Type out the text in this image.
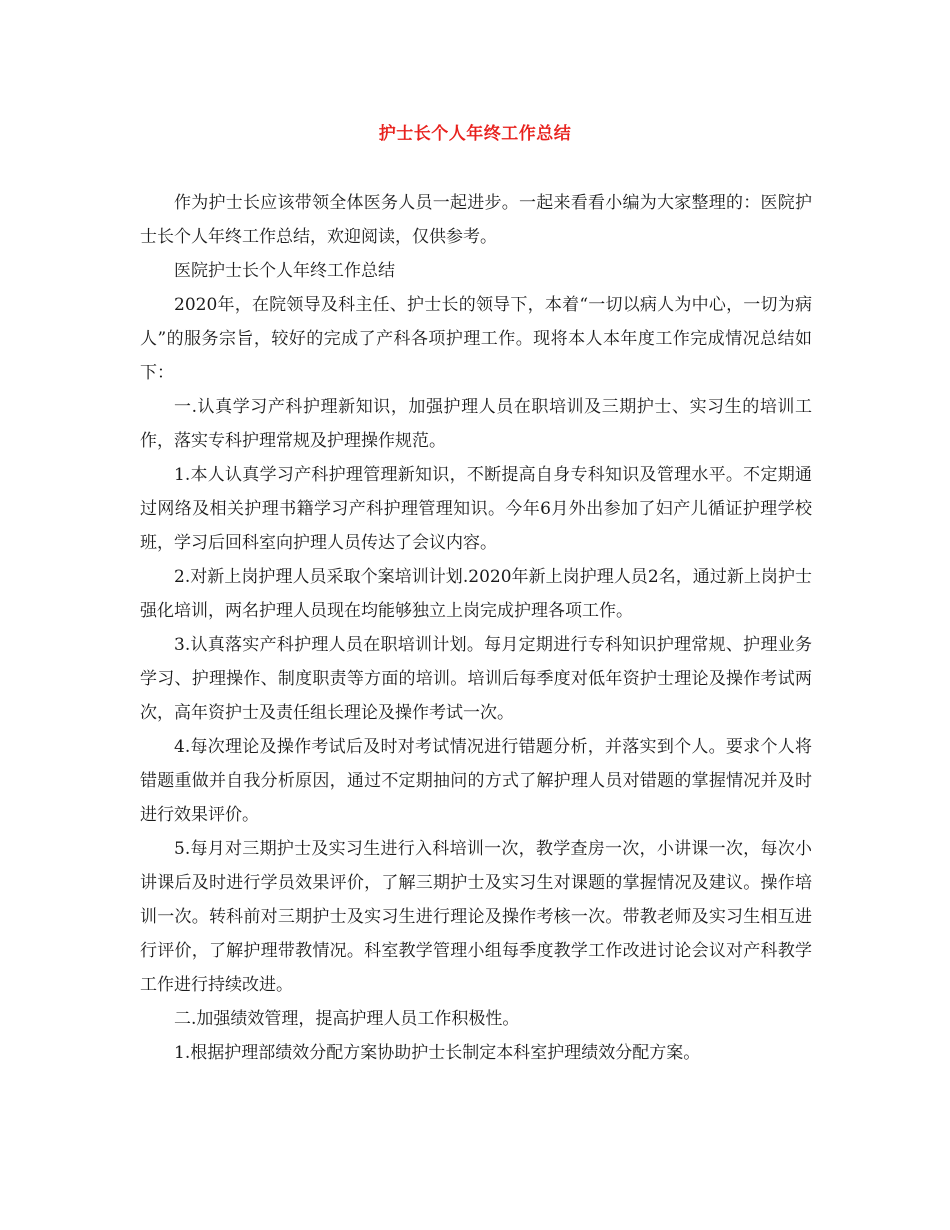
护士长个人年终工作总结

作为护士长应该带领全体医务人员一起进步。一起来看看小编为大家整理的：医院护士长个人年终工作总结，欢迎阅读，仅供参考。

医院护士长个人年终工作总结

2020年，在院领导及科主任、护士长的领导下，本着“一切以病人为中心，一切为病人”的服务宗旨，较好的完成了产科各项护理工作。现将本人本年度工作完成情况总结如下：

一.认真学习产科护理新知识，加强护理人员在职培训及三期护士、实习生的培训工作，落实专科护理常规及护理操作规范。

1.本人认真学习产科护理管理新知识，不断提高自身专科知识及管理水平。不定期通过网络及相关护理书籍学习产科护理管理知识。今年6月外出参加了妇产儿循证护理学校班，学习后回科室向护理人员传达了会议内容。

2.对新上岗护理人员采取个案培训计划.2020年新上岗护理人员2名，通过新上岗护士强化培训，两名护理人员现在均能够独立上岗完成护理各项工作。

3.认真落实产科护理人员在职培训计划。每月定期进行专科知识护理常规、护理业务学习、护理操作、制度职责等方面的培训。培训后每季度对低年资护士理论及操作考试两次，高年资护士及责任组长理论及操作考试一次。

4.每次理论及操作考试后及时对考试情况进行错题分析，并落实到个人。要求个人将错题重做并自我分析原因，通过不定期抽问的方式了解护理人员对错题的掌握情况并及时进行效果评价。

5.每月对三期护士及实习生进行入科培训一次，教学查房一次，小讲课一次，每次小讲课后及时进行学员效果评价，了解三期护士及实习生对课题的掌握情况及建议。操作培训一次。转科前对三期护士及实习生进行理论及操作考核一次。带教老师及实习生相互进行评价，了解护理带教情况。科室教学管理小组每季度教学工作改进讨论会议对产科教学工作进行持续改进。

二.加强绩效管理，提高护理人员工作积极性。

1.根据护理部绩效分配方案协助护士长制定本科室护理绩效分配方案。
